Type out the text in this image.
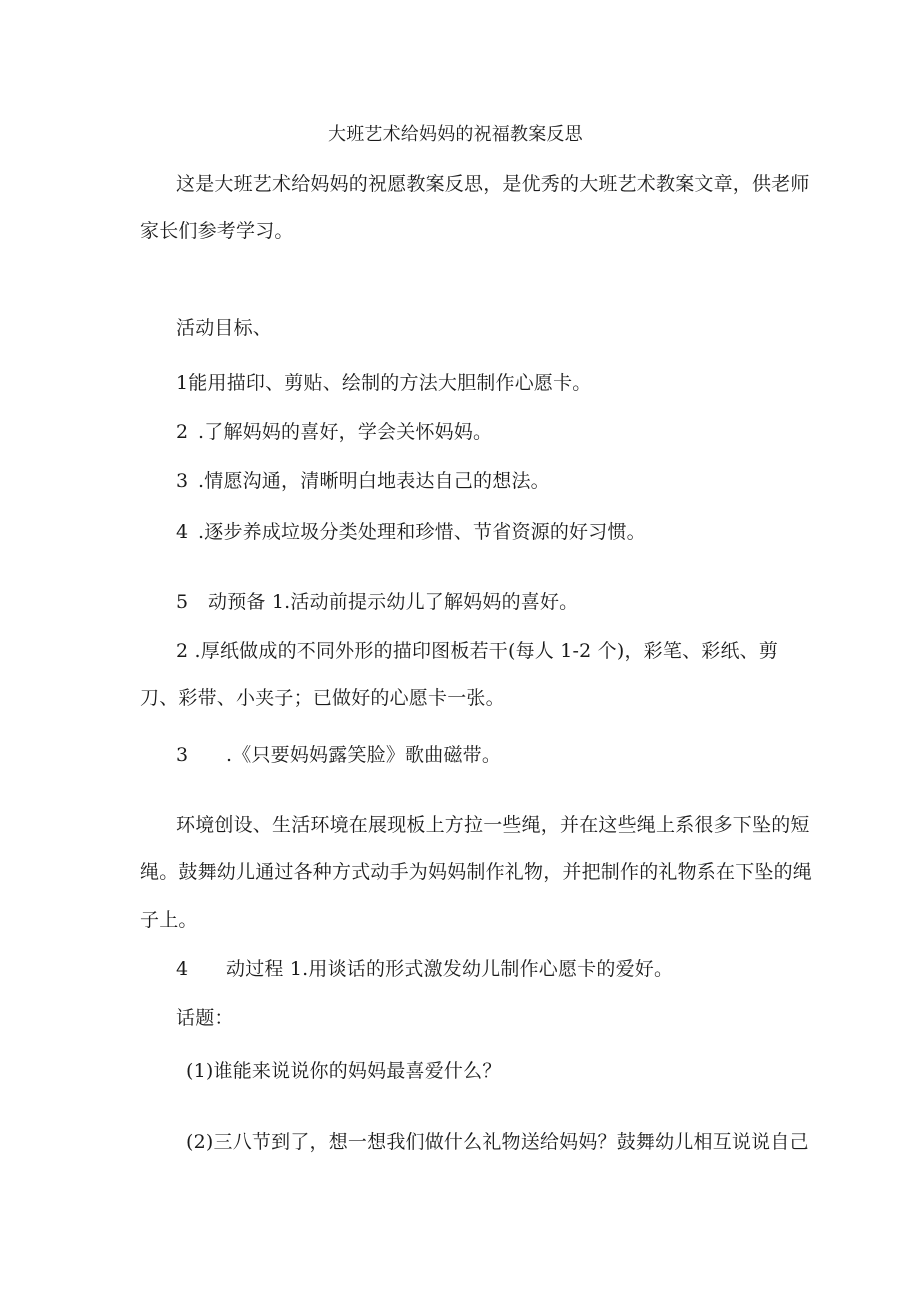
大班艺术给妈妈的祝福教案反思
这是大班艺术给妈妈的祝愿教案反思，是优秀的大班艺术教案文章，供老师
家长们参考学习。
活动目标、
1能用描印、剪贴、绘制的方法大胆制作心愿卡。
2 .了解妈妈的喜好，学会关怀妈妈。
3 .情愿沟通，清晰明白地表达自己的想法。
4 .逐步养成垃圾分类处理和珍惜、节省资源的好习惯。
5 动预备 1.活动前提示幼儿了解妈妈的喜好。
2 .厚纸做成的不同外形的描印图板若干(每人 1-2 个)，彩笔、彩纸、剪
刀、彩带、小夹子；已做好的心愿卡一张。
3 .《只要妈妈露笑脸》歌曲磁带。
环境创设、生活环境在展现板上方拉一些绳，并在这些绳上系很多下坠的短
绳。鼓舞幼儿通过各种方式动手为妈妈制作礼物，并把制作的礼物系在下坠的绳
子上。
4 动过程 1.用谈话的形式激发幼儿制作心愿卡的爱好。
话题：
(1)谁能来说说你的妈妈最喜爱什么？
(2)三八节到了，想一想我们做什么礼物送给妈妈？鼓舞幼儿相互说说自己
